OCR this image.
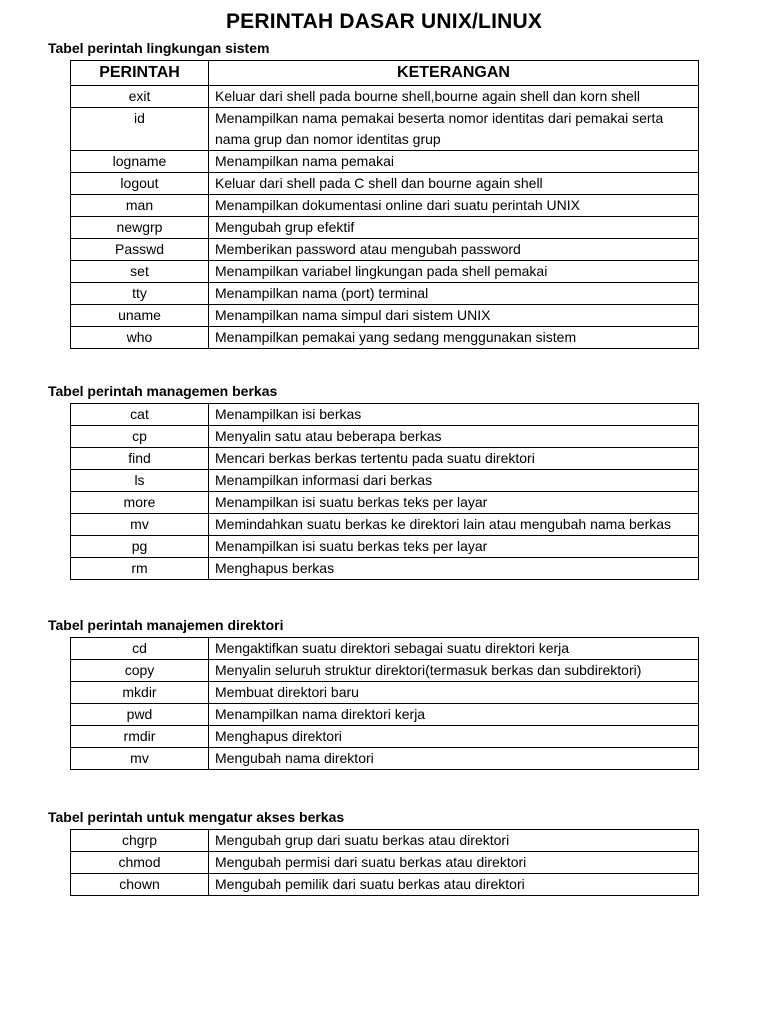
PERINTAH DASAR UNIX/LINUX
Tabel perintah lingkungan sistem
PERINTAH	KETERANGAN
exit	Keluar dari shell pada bourne shell,bourne again shell dan korn shell
id	Menampilkan nama pemakai beserta nomor identitas dari pemakai serta nama grup dan nomor identitas grup
logname	Menampilkan nama pemakai
logout	Keluar dari shell pada C shell dan bourne again shell
man	Menampilkan dokumentasi online dari suatu perintah UNIX
newgrp	Mengubah grup efektif
Passwd	Memberikan password atau mengubah password
set	Menampilkan variabel lingkungan pada shell pemakai
tty	Menampilkan nama (port) terminal
uname	Menampilkan nama simpul dari sistem UNIX
who	Menampilkan pemakai yang sedang menggunakan sistem
Tabel perintah managemen berkas
cat	Menampilkan isi berkas
cp	Menyalin satu atau beberapa berkas
find	Mencari berkas berkas tertentu pada suatu direktori
ls	Menampilkan informasi dari berkas
more	Menampilkan isi suatu berkas teks per layar
mv	Memindahkan suatu berkas ke direktori lain atau mengubah nama berkas
pg	Menampilkan isi suatu berkas teks per layar
rm	Menghapus berkas
Tabel perintah manajemen direktori
cd	Mengaktifkan suatu direktori sebagai suatu direktori kerja
copy	Menyalin seluruh struktur direktori(termasuk berkas dan subdirektori)
mkdir	Membuat direktori baru
pwd	Menampilkan nama direktori kerja
rmdir	Menghapus direktori
mv	Mengubah nama direktori
Tabel perintah untuk mengatur akses berkas
chgrp	Mengubah grup dari suatu berkas atau direktori
chmod	Mengubah permisi dari suatu berkas atau direktori
chown	Mengubah pemilik dari suatu berkas atau direktori
